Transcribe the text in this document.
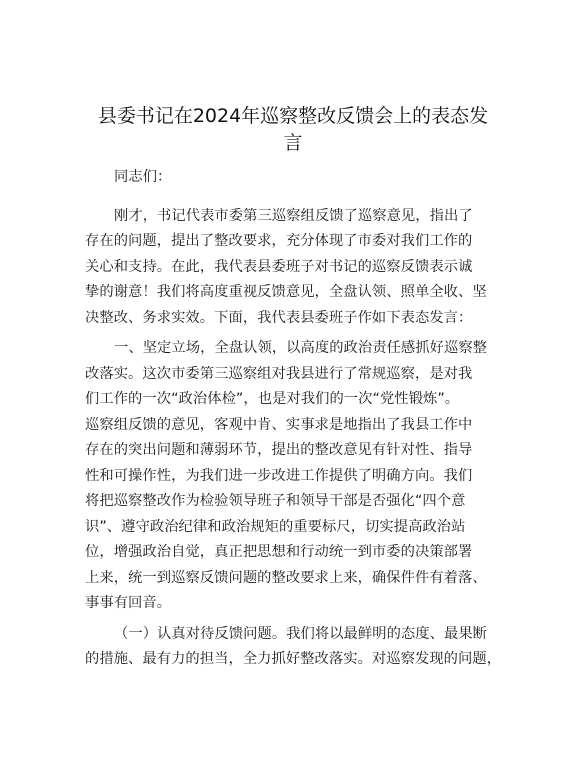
县委书记在2024年巡察整改反馈会上的表态发
言
同志们：
刚才，书记代表市委第三巡察组反馈了巡察意见，指出了
存在的问题，提出了整改要求，充分体现了市委对我们工作的
关心和支持。在此，我代表县委班子对书记的巡察反馈表示诚
挚的谢意！我们将高度重视反馈意见，全盘认领、照单全收、坚
决整改、务求实效。下面，我代表县委班子作如下表态发言：
一、坚定立场，全盘认领，以高度的政治责任感抓好巡察整
改落实。这次市委第三巡察组对我县进行了常规巡察，是对我
们工作的一次“政治体检”，也是对我们的一次“党性锻炼”。
巡察组反馈的意见，客观中肯、实事求是地指出了我县工作中
存在的突出问题和薄弱环节，提出的整改意见有针对性、指导
性和可操作性，为我们进一步改进工作提供了明确方向。我们
将把巡察整改作为检验领导班子和领导干部是否强化“四个意
识”、遵守政治纪律和政治规矩的重要标尺，切实提高政治站
位，增强政治自觉，真正把思想和行动统一到市委的决策部署
上来，统一到巡察反馈问题的整改要求上来，确保件件有着落、
事事有回音。
（一）认真对待反馈问题。我们将以最鲜明的态度、最果断
的措施、最有力的担当，全力抓好整改落实。对巡察发现的问题，
